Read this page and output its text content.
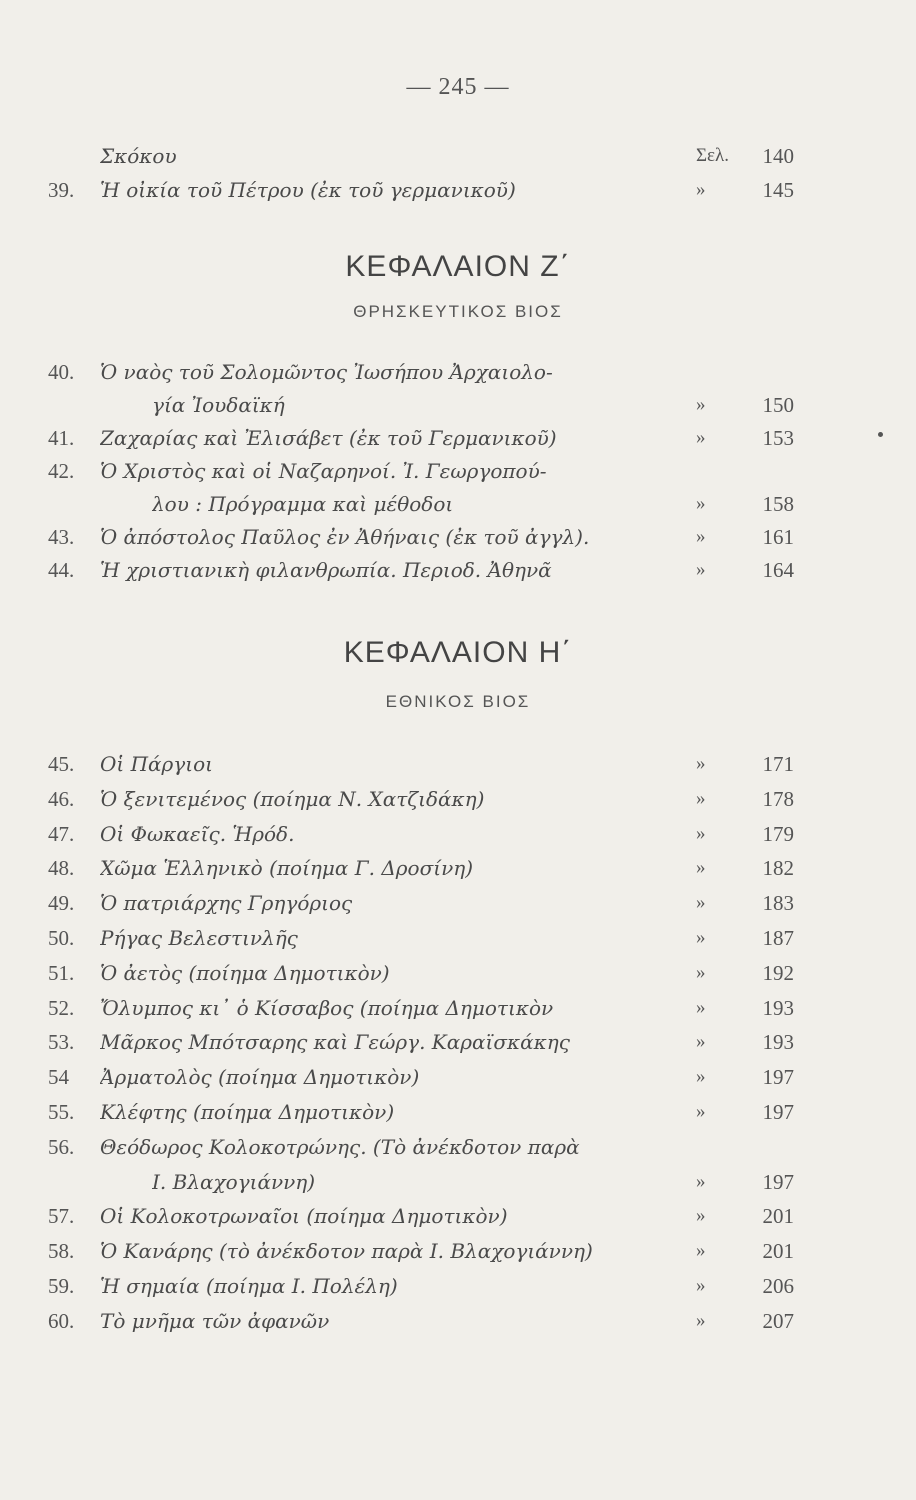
— 245 —
Σκόκου	Σελ.	140
39.	Ἡ οἰκία τοῦ Πέτρου (ἐκ τοῦ γερμανικοῦ)	»	145
ΚΕΦΑΛΑΙΟΝ Ζ΄
ΘΡΗΣΚΕΥΤΙΚΟΣ ΒΙΟΣ
40.	Ὁ ναὸς τοῦ Σολομῶντος Ἰωσήπου Ἀρχαιολο-
γία Ἰουδαϊκή	»	150
41.	Ζαχαρίας καὶ Ἐλισάβετ (ἐκ τοῦ Γερμανικοῦ)	»	153
42.	Ὁ Χριστὸς καὶ οἱ Ναζαρηνοί. Ἰ. Γεωργοπού-
λου : Πρόγραμμα καὶ μέθοδοι	»	158
43.	Ὁ ἀπόστολος Παῦλος ἐν Ἀθήναις (ἐκ τοῦ ἀγγλ).	»	161
44.	Ἡ χριστιανικὴ φιλανθρωπία. Περιοδ. Ἀθηνᾶ	»	164
ΚΕΦΑΛΑΙΟΝ Η΄
ΕΘΝΙΚΟΣ ΒΙΟΣ
45.	Οἱ Πάργιοι	»	171
46.	Ὁ ξενιτεμένος (ποίημα Ν. Χατζιδάκη)	»	178
47.	Οἱ Φωκαεῖς. Ἡρόδ.	»	179
48.	Χῶμα Ἑλληνικὸ (ποίημα Γ. Δροσίνη)	»	182
49.	Ὁ πατριάρχης Γρηγόριος	»	183
50.	Ρήγας Βελεστινλῆς	»	187
51.	Ὁ ἀετὸς (ποίημα Δημοτικὸν)	»	192
52.	Ὄλυμπος κι᾽ ὁ Κίσσαβος (ποίημα Δημοτικὸν	»	193
53.	Μᾶρκος Μπότσαρης καὶ Γεώργ. Καραϊσκάκης	»	193
54	Ἀρματολὸς (ποίημα Δημοτικὸν)	»	197
55.	Κλέφτης (ποίημα Δημοτικὸν)	»	197
56.	Θεόδωρος Κολοκοτρώνης. (Τὸ ἀνέκδοτον παρὰ
Ι. Βλαχογιάννη)	»	197
57.	Οἱ Κολοκοτρωναῖοι (ποίημα Δημοτικὸν)	»	201
58.	Ὁ Κανάρης (τὸ ἀνέκδοτον παρὰ Ι. Βλαχογιάννη)	»	201
59.	Ἡ σημαία (ποίημα Ι. Πολέλη)	»	206
60.	Τὸ μνῆμα τῶν ἀφανῶν	»	207
